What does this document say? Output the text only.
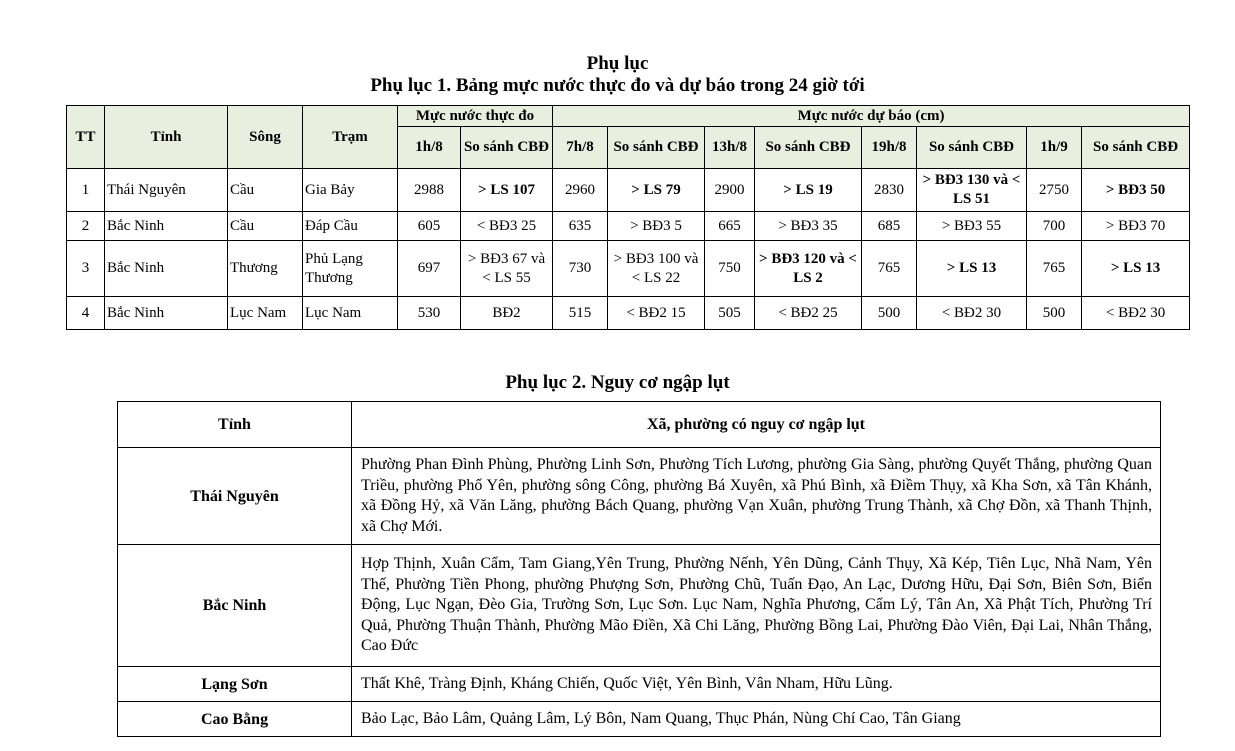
Phụ lục
Phụ lục 1. Bảng mực nước thực đo và dự báo trong 24 giờ tới
TT	Tỉnh	Sông	Trạm	Mực nước thực đo		Mực nước dự báo (cm)							
				1h/8	So sánh CBĐ	7h/8	So sánh CBĐ	13h/8	So sánh CBĐ	19h/8	So sánh CBĐ	1h/9	So sánh CBĐ
1	Thái Nguyên	Cầu	Gia Bảy	2988	> LS 107	2960	> LS 79	2900	> LS 19	2830	> BĐ3 130 và < LS 51	2750	> BĐ3 50
2	Bắc Ninh	Cầu	Đáp Cầu	605	< BĐ3 25	635	> BĐ3 5	665	> BĐ3 35	685	> BĐ3 55	700	> BĐ3 70
3	Bắc Ninh	Thương	Phủ Lạng Thương	697	> BĐ3 67 và < LS 55	730	> BĐ3 100 và < LS 22	750	> BĐ3 120 và < LS 2	765	> LS 13	765	> LS 13
4	Bắc Ninh	Lục Nam	Lục Nam	530	BĐ2	515	< BĐ2 15	505	< BĐ2 25	500	< BĐ2 30	500	< BĐ2 30
Phụ lục 2. Nguy cơ ngập lụt
Tỉnh	Xã, phường có nguy cơ ngập lụt
Thái Nguyên	Phường Phan Đình Phùng, Phường Linh Sơn, Phường Tích Lương, phường Gia Sàng, phường Quyết Thắng, phường Quan Triều, phường Phổ Yên, phường sông Công, phường Bá Xuyên, xã Phú Bình, xã Điềm Thụy, xã Kha Sơn, xã Tân Khánh, xã Đồng Hỷ, xã Văn Lăng, phường Bách Quang, phường Vạn Xuân, phường Trung Thành, xã Chợ Đồn, xã Thanh Thịnh, xã Chợ Mới.
Bắc Ninh	Hợp Thịnh, Xuân Cẩm, Tam Giang,Yên Trung, Phường Nếnh, Yên Dũng, Cảnh Thụy, Xã Kép, Tiên Lục, Nhã Nam, Yên Thế, Phường Tiền Phong, phường Phượng Sơn, Phường Chũ, Tuấn Đạo, An Lạc, Dương Hữu, Đại Sơn, Biên Sơn, Biển Động, Lục Ngạn, Đèo Gia, Trường Sơn, Lục Sơn. Lục Nam, Nghĩa Phương, Cẩm Lý, Tân An, Xã Phật Tích, Phường Trí Quả, Phường Thuận Thành, Phường Mão Điền, Xã Chi Lăng, Phường Bồng Lai, Phường Đào Viên, Đại Lai, Nhân Thắng, Cao Đức
Lạng Sơn	Thất Khê, Tràng Định, Kháng Chiến, Quốc Việt, Yên Bình, Vân Nham, Hữu Lũng.
Cao Bằng	Bảo Lạc, Bảo Lâm, Quảng Lâm, Lý Bôn, Nam Quang, Thục Phán, Nùng Chí Cao, Tân Giang
